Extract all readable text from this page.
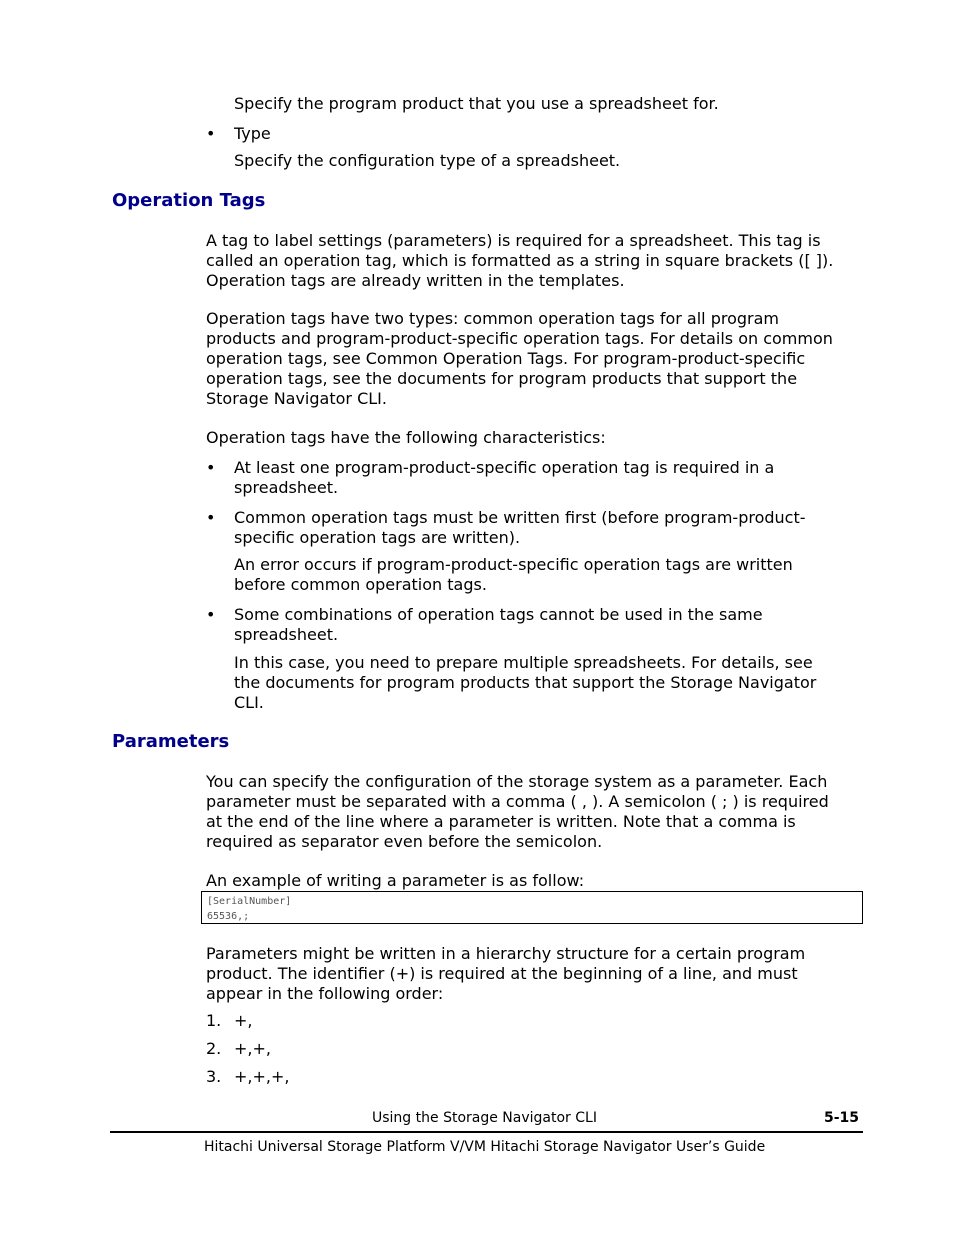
Specify the program product that you use a spreadsheet for.
• Type
Specify the configuration type of a spreadsheet.
Operation Tags
A tag to label settings (parameters) is required for a spreadsheet. This tag is
called an operation tag, which is formatted as a string in square brackets ([ ]).
Operation tags are already written in the templates.
Operation tags have two types: common operation tags for all program
products and program-product-specific operation tags. For details on common
operation tags, see Common Operation Tags. For program-product-specific
operation tags, see the documents for program products that support the
Storage Navigator CLI.
Operation tags have the following characteristics:
• At least one program-product-specific operation tag is required in a
spreadsheet.
• Common operation tags must be written first (before program-product-
specific operation tags are written).
An error occurs if program-product-specific operation tags are written
before common operation tags.
• Some combinations of operation tags cannot be used in the same
spreadsheet.
In this case, you need to prepare multiple spreadsheets. For details, see
the documents for program products that support the Storage Navigator
CLI.
Parameters
You can specify the configuration of the storage system as a parameter. Each
parameter must be separated with a comma ( , ). A semicolon ( ; ) is required
at the end of the line where a parameter is written. Note that a comma is
required as separator even before the semicolon.
An example of writing a parameter is as follow:
[SerialNumber]
65536,;
Parameters might be written in a hierarchy structure for a certain program
product. The identifier (+) is required at the beginning of a line, and must
appear in the following order:
1. +,
2. +,+,
3. +,+,+,
Using the Storage Navigator CLI	5-15
Hitachi Universal Storage Platform V/VM Hitachi Storage Navigator User’s Guide
